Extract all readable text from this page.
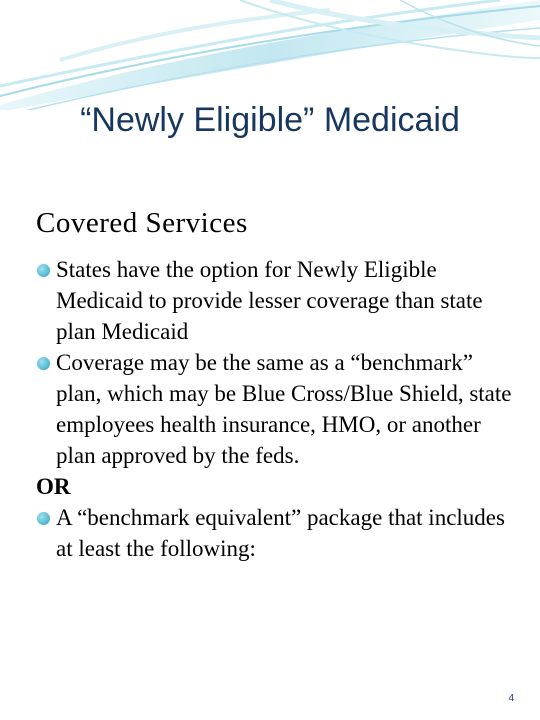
“Newly Eligible” Medicaid
Covered Services
States have the option for Newly Eligible Medicaid to provide lesser coverage than state plan Medicaid
Coverage may be the same as a “benchmark” plan, which may be Blue Cross/Blue Shield, state employees health insurance, HMO, or another plan approved by the feds.
OR
A “benchmark equivalent” package that includes at least the following:
4
